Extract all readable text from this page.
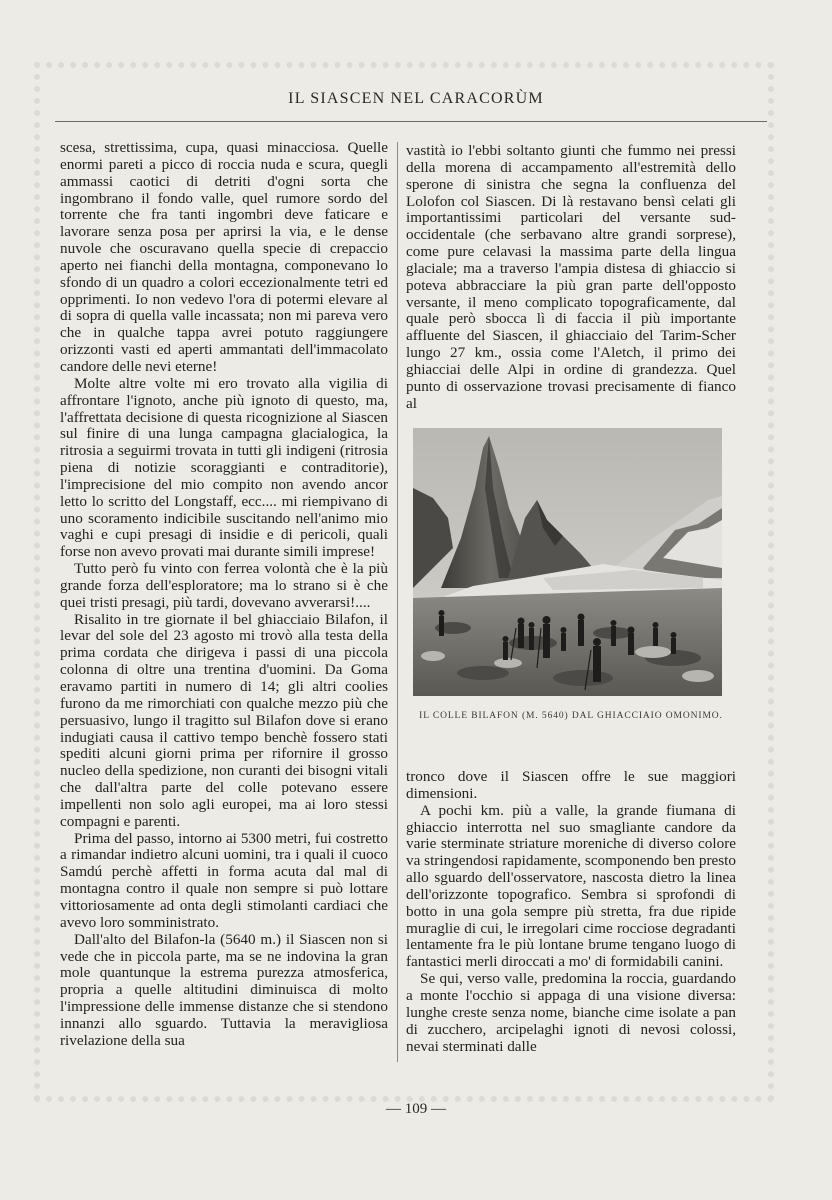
IL SIASCEN NEL CARACORÙM

scesa, strettissima, cupa, quasi minacciosa. Quelle enormi pareti a picco di roccia nuda e scura, quegli ammassi caotici di detriti d'ogni sorta che ingombrano il fondo valle, quel rumore sordo del torrente che fra tanti ingombri deve faticare e lavorare senza posa per aprirsi la via, e le dense nuvole che oscuravano quella specie di crepaccio aperto nei fianchi della montagna, componevano lo sfondo di un quadro a colori eccezionalmente tetri ed opprimenti. Io non vedevo l'ora di potermi elevare al di sopra di quella valle incassata; non mi pareva vero che in qualche tappa avrei potuto raggiungere orizzonti vasti ed aperti ammantati dell'immacolato candore delle nevi eterne!

Molte altre volte mi ero trovato alla vigilia di affrontare l'ignoto, anche più ignoto di questo, ma, l'affrettata decisione di questa ricognizione al Siascen sul finire di una lunga campagna glacialogica, la ritrosia a seguirmi trovata in tutti gli indigeni (ritrosia piena di notizie scoraggianti e contraditorie), l'imprecisione del mio compito non avendo ancor letto lo scritto del Longstaff, ecc.... mi riempivano di uno scoramento indicibile suscitando nell'animo mio vaghi e cupi presagi di insidie e di pericoli, quali forse non avevo provati mai durante simili imprese!

Tutto però fu vinto con ferrea volontà che è la più grande forza dell'esploratore; ma lo strano si è che quei tristi presagi, più tardi, dovevano avverarsi!....

Risalito in tre giornate il bel ghiacciaio Bilafon, il levar del sole del 23 agosto mi trovò alla testa della prima cordata che dirigeva i passi di una piccola colonna di oltre una trentina d'uomini. Da Goma eravamo partiti in numero di 14; gli altri coolies furono da me rimorchiati con qualche mezzo più che persuasivo, lungo il tragitto sul Bilafon dove si erano indugiati causa il cattivo tempo benchè fossero stati spediti alcuni giorni prima per rifornire il grosso nucleo della spedizione, non curanti dei bisogni vitali che dall'altra parte del colle potevano essere impellenti non solo agli europei, ma ai loro stessi compagni e parenti.

Prima del passo, intorno ai 5300 metri, fui costretto a rimandar indietro alcuni uomini, tra i quali il cuoco Samdú perchè affetti in forma acuta dal mal di montagna contro il quale non sempre si può lottare vittoriosamente ad onta degli stimolanti cardiaci che avevo loro somministrato.

Dall'alto del Bilafon-la (5640 m.) il Siascen non si vede che in piccola parte, ma se ne indovina la gran mole quantunque la estrema purezza atmosferica, propria a quelle altitudini diminuisca di molto l'impressione delle immense distanze che si stendono innanzi allo sguardo. Tuttavia la meravigliosa rivelazione della sua

vastità io l'ebbi soltanto giunti che fummo nei pressi della morena di accampamento all'estremità dello sperone di sinistra che segna la confluenza del Lolofon col Siascen. Di là restavano bensì celati gli importantissimi particolari del versante sud-occidentale (che serbavano altre grandi sorprese), come pure celavasi la massima parte della lingua glaciale; ma a traverso l'ampia distesa di ghiaccio si poteva abbracciare la più gran parte dell'opposto versante, il meno complicato topograficamente, dal quale però sbocca lì di faccia il più importante affluente del Siascen, il ghiacciaio del Tarim-Scher lungo 27 km., ossia come l'Aletch, il primo dei ghiacciai delle Alpi in ordine di grandezza. Quel punto di osservazione trovasi precisamente di fianco al

IL COLLE BILAFON (M. 5640) DAL GHIACCIAIO OMONIMO.

tronco dove il Siascen offre le sue maggiori dimensioni.

A pochi km. più a valle, la grande fiumana di ghiaccio interrotta nel suo smagliante candore da varie sterminate striature moreniche di diverso colore va stringendosi rapidamente, scomponendo ben presto allo sguardo dell'osservatore, nascosta dietro la linea dell'orizzonte topografico. Sembra si sprofondi di botto in una gola sempre più stretta, fra due ripide muraglie di cui, le irregolari cime rocciose degradanti lentamente fra le più lontane brume tengano luogo di fantastici merli diroccati a mo' di formidabili canini.

Se qui, verso valle, predomina la roccia, guardando a monte l'occhio si appaga di una visione diversa: lunghe creste senza nome, bianche cime isolate a pan di zucchero, arcipelaghi ignoti di nevosi colossi, nevai sterminati dalle

— 109 —
